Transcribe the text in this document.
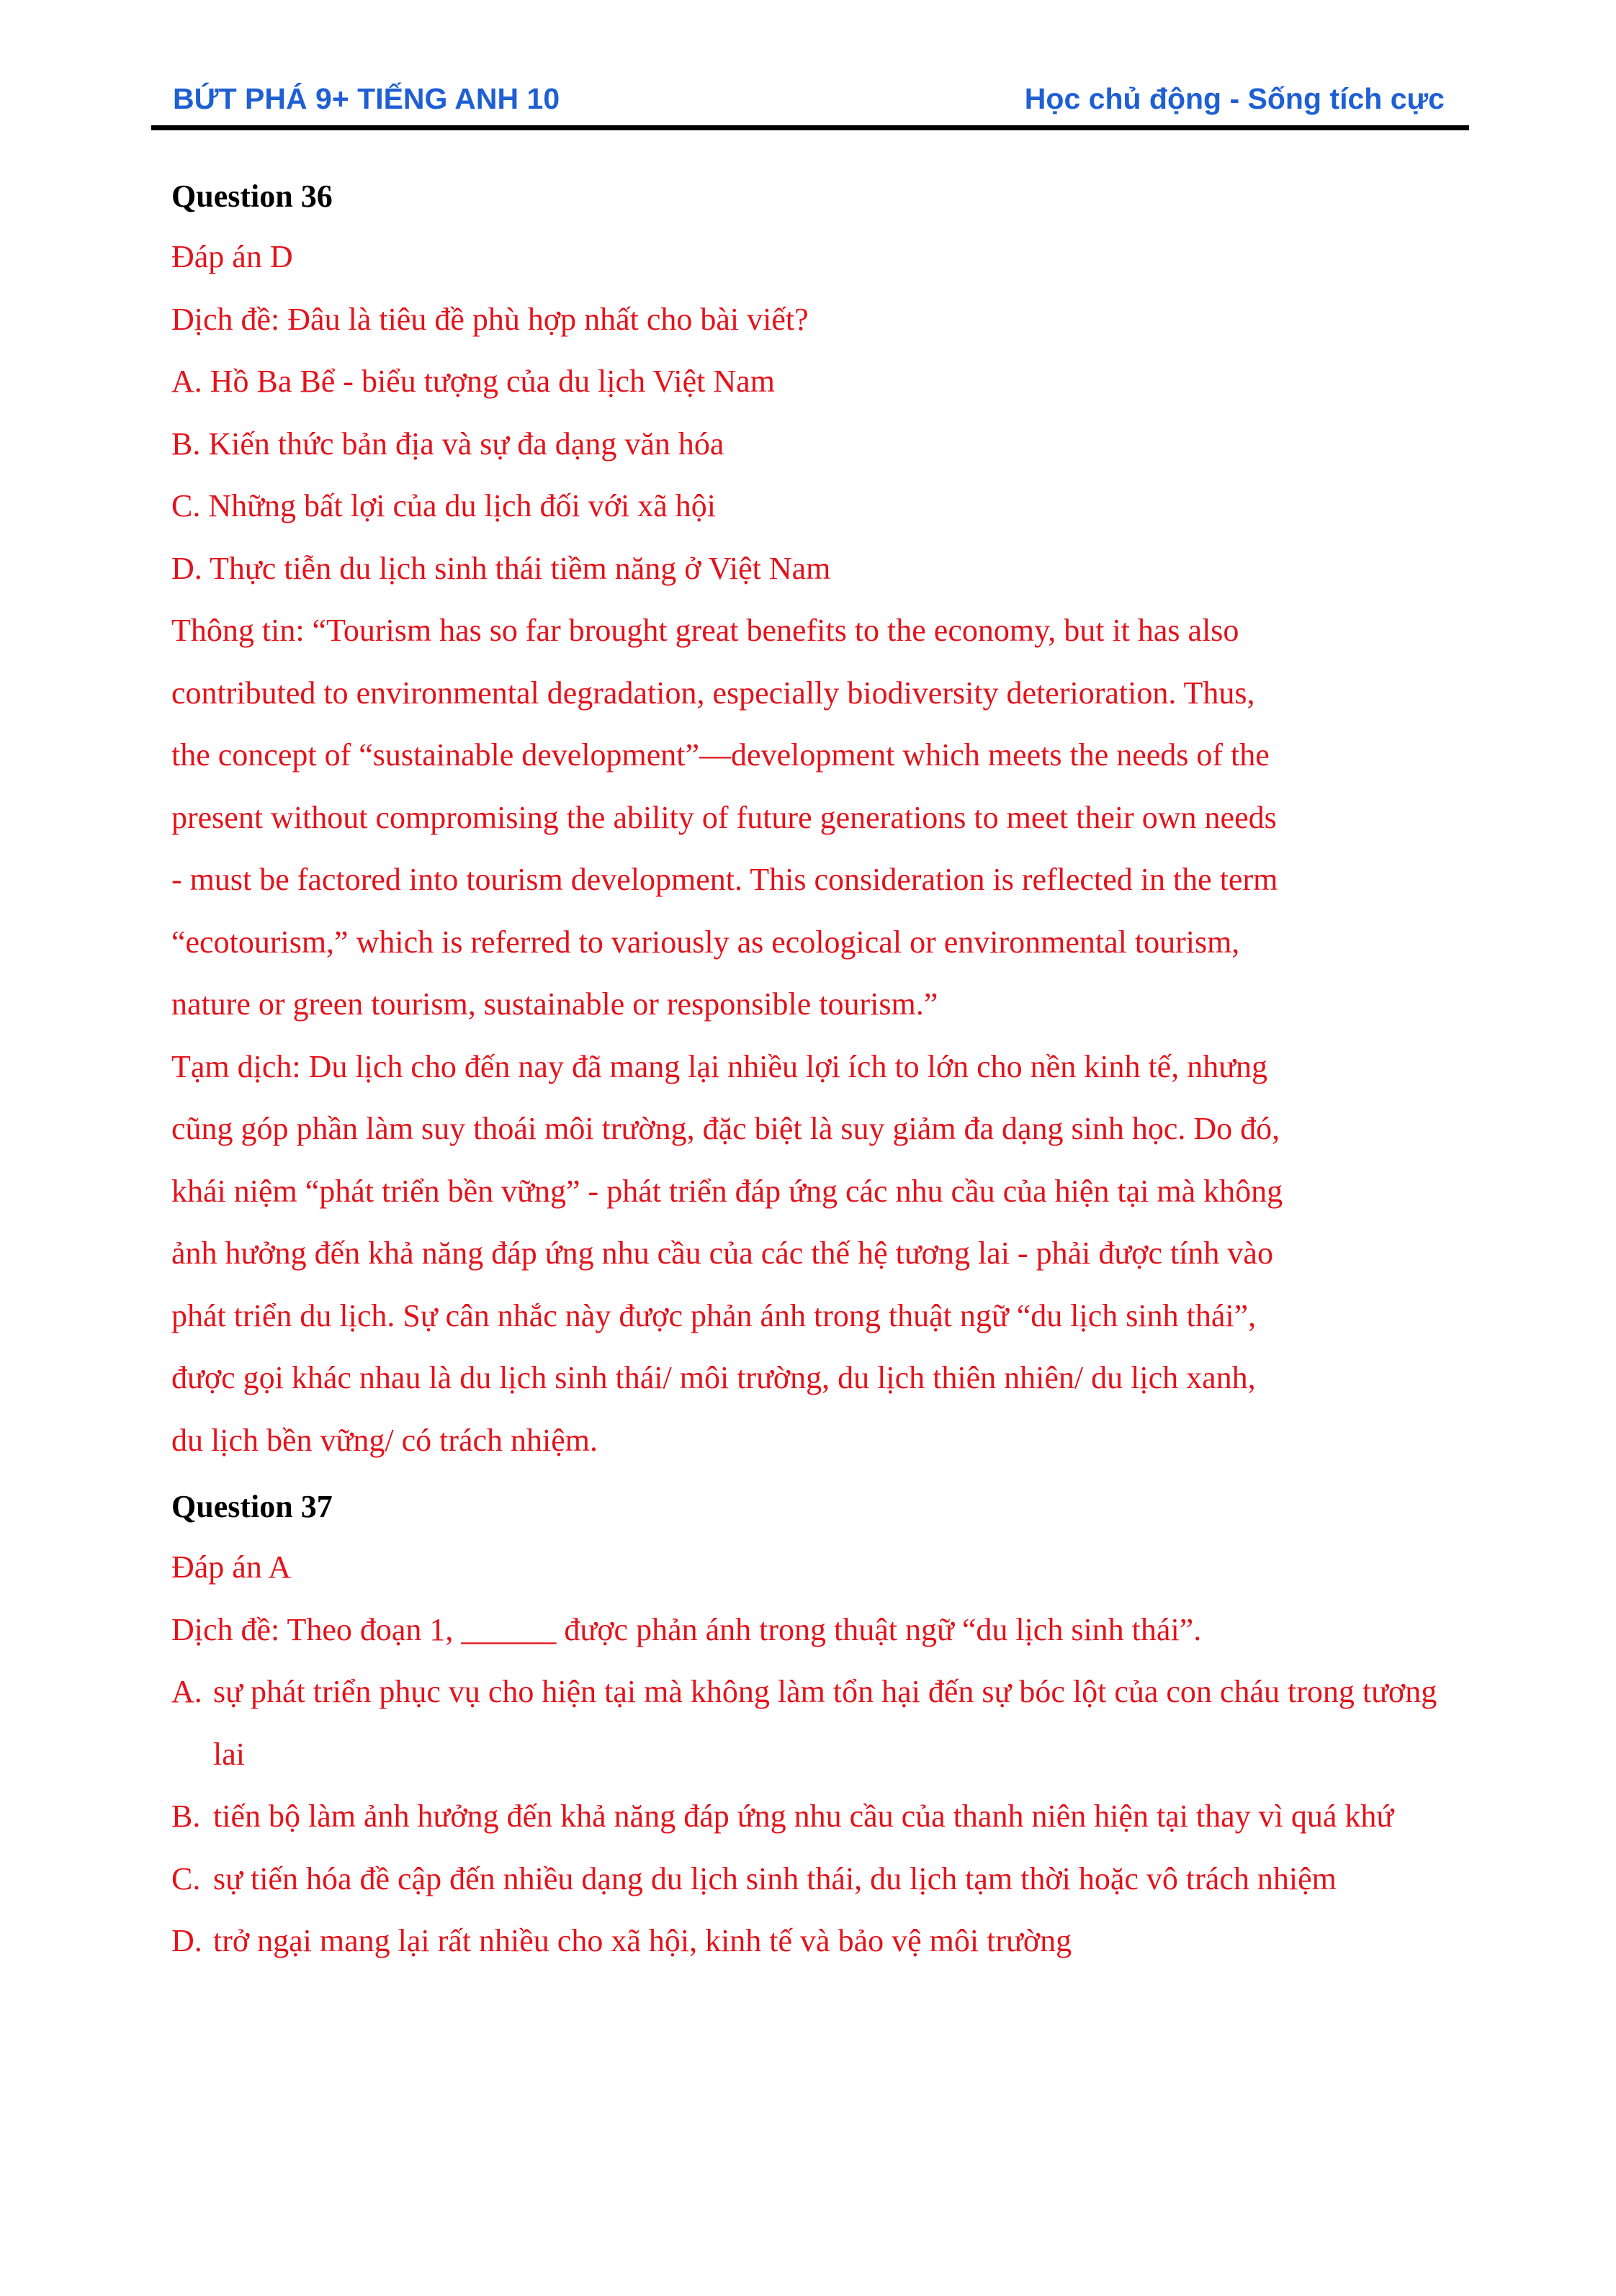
BỨT PHÁ 9+ TIẾNG ANH 10	Học chủ động - Sống tích cực

Question 36

Đáp án D

Dịch đề: Đâu là tiêu đề phù hợp nhất cho bài viết?

A. Hồ Ba Bể - biểu tượng của du lịch Việt Nam

B. Kiến thức bản địa và sự đa dạng văn hóa

C. Những bất lợi của du lịch đối với xã hội

D. Thực tiễn du lịch sinh thái tiềm năng ở Việt Nam

Thông tin: “Tourism has so far brought great benefits to the economy, but it has also

contributed to environmental degradation, especially biodiversity deterioration. Thus,

the concept of “sustainable development”—development which meets the needs of the

present without compromising the ability of future generations to meet their own needs

- must be factored into tourism development. This consideration is reflected in the term

“ecotourism,” which is referred to variously as ecological or environmental tourism,

nature or green tourism, sustainable or responsible tourism.”

Tạm dịch: Du lịch cho đến nay đã mang lại nhiều lợi ích to lớn cho nền kinh tế, nhưng

cũng góp phần làm suy thoái môi trường, đặc biệt là suy giảm đa dạng sinh học. Do đó,

khái niệm “phát triển bền vững” - phát triển đáp ứng các nhu cầu của hiện tại mà không

ảnh hưởng đến khả năng đáp ứng nhu cầu của các thế hệ tương lai - phải được tính vào

phát triển du lịch. Sự cân nhắc này được phản ánh trong thuật ngữ “du lịch sinh thái”,

được gọi khác nhau là du lịch sinh thái/ môi trường, du lịch thiên nhiên/ du lịch xanh,

du lịch bền vững/ có trách nhiệm.

Question 37

Đáp án A

Dịch đề: Theo đoạn 1, ______ được phản ánh trong thuật ngữ “du lịch sinh thái”.

A. sự phát triển phục vụ cho hiện tại mà không làm tổn hại đến sự bóc lột của con cháu trong tương lai
B. tiến bộ làm ảnh hưởng đến khả năng đáp ứng nhu cầu của thanh niên hiện tại thay vì quá khứ
C. sự tiến hóa đề cập đến nhiều dạng du lịch sinh thái, du lịch tạm thời hoặc vô trách nhiệm
D. trở ngại mang lại rất nhiều cho xã hội, kinh tế và bảo vệ môi trường
